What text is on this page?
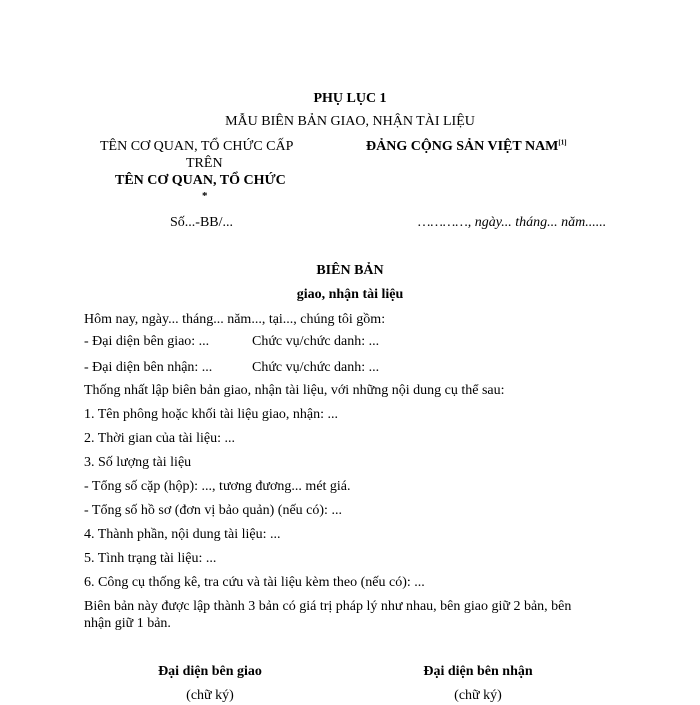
PHỤ LỤC 1
MẪU BIÊN BẢN GIAO, NHẬN TÀI LIỆU
TÊN CƠ QUAN, TỔ CHỨC CẤP
TRÊN
TÊN CƠ QUAN, TỔ CHỨC
*
ĐẢNG CỘNG SẢN VIỆT NAM[1]
Số...-BB/...	…………, ngày... tháng... năm......
BIÊN BẢN
giao, nhận tài liệu
Hôm nay, ngày... tháng... năm..., tại..., chúng tôi gồm:
- Đại diện bên giao: ...	Chức vụ/chức danh: ...
- Đại diện bên nhận: ...	Chức vụ/chức danh: ...
Thống nhất lập biên bản giao, nhận tài liệu, với những nội dung cụ thể sau:
1. Tên phông hoặc khối tài liệu giao, nhận: ...
2. Thời gian của tài liệu: ...
3. Số lượng tài liệu
- Tổng số cặp (hộp): ..., tương đương... mét giá.
- Tổng số hồ sơ (đơn vị bảo quản) (nếu có): ...
4. Thành phần, nội dung tài liệu: ...
5. Tình trạng tài liệu: ...
6. Công cụ thống kê, tra cứu và tài liệu kèm theo (nếu có): ...
Biên bản này được lập thành 3 bản có giá trị pháp lý như nhau, bên giao giữ 2 bản, bên
nhận giữ 1 bản.
Đại diện bên giao
(chữ ký)
Đại diện bên nhận
(chữ ký)
